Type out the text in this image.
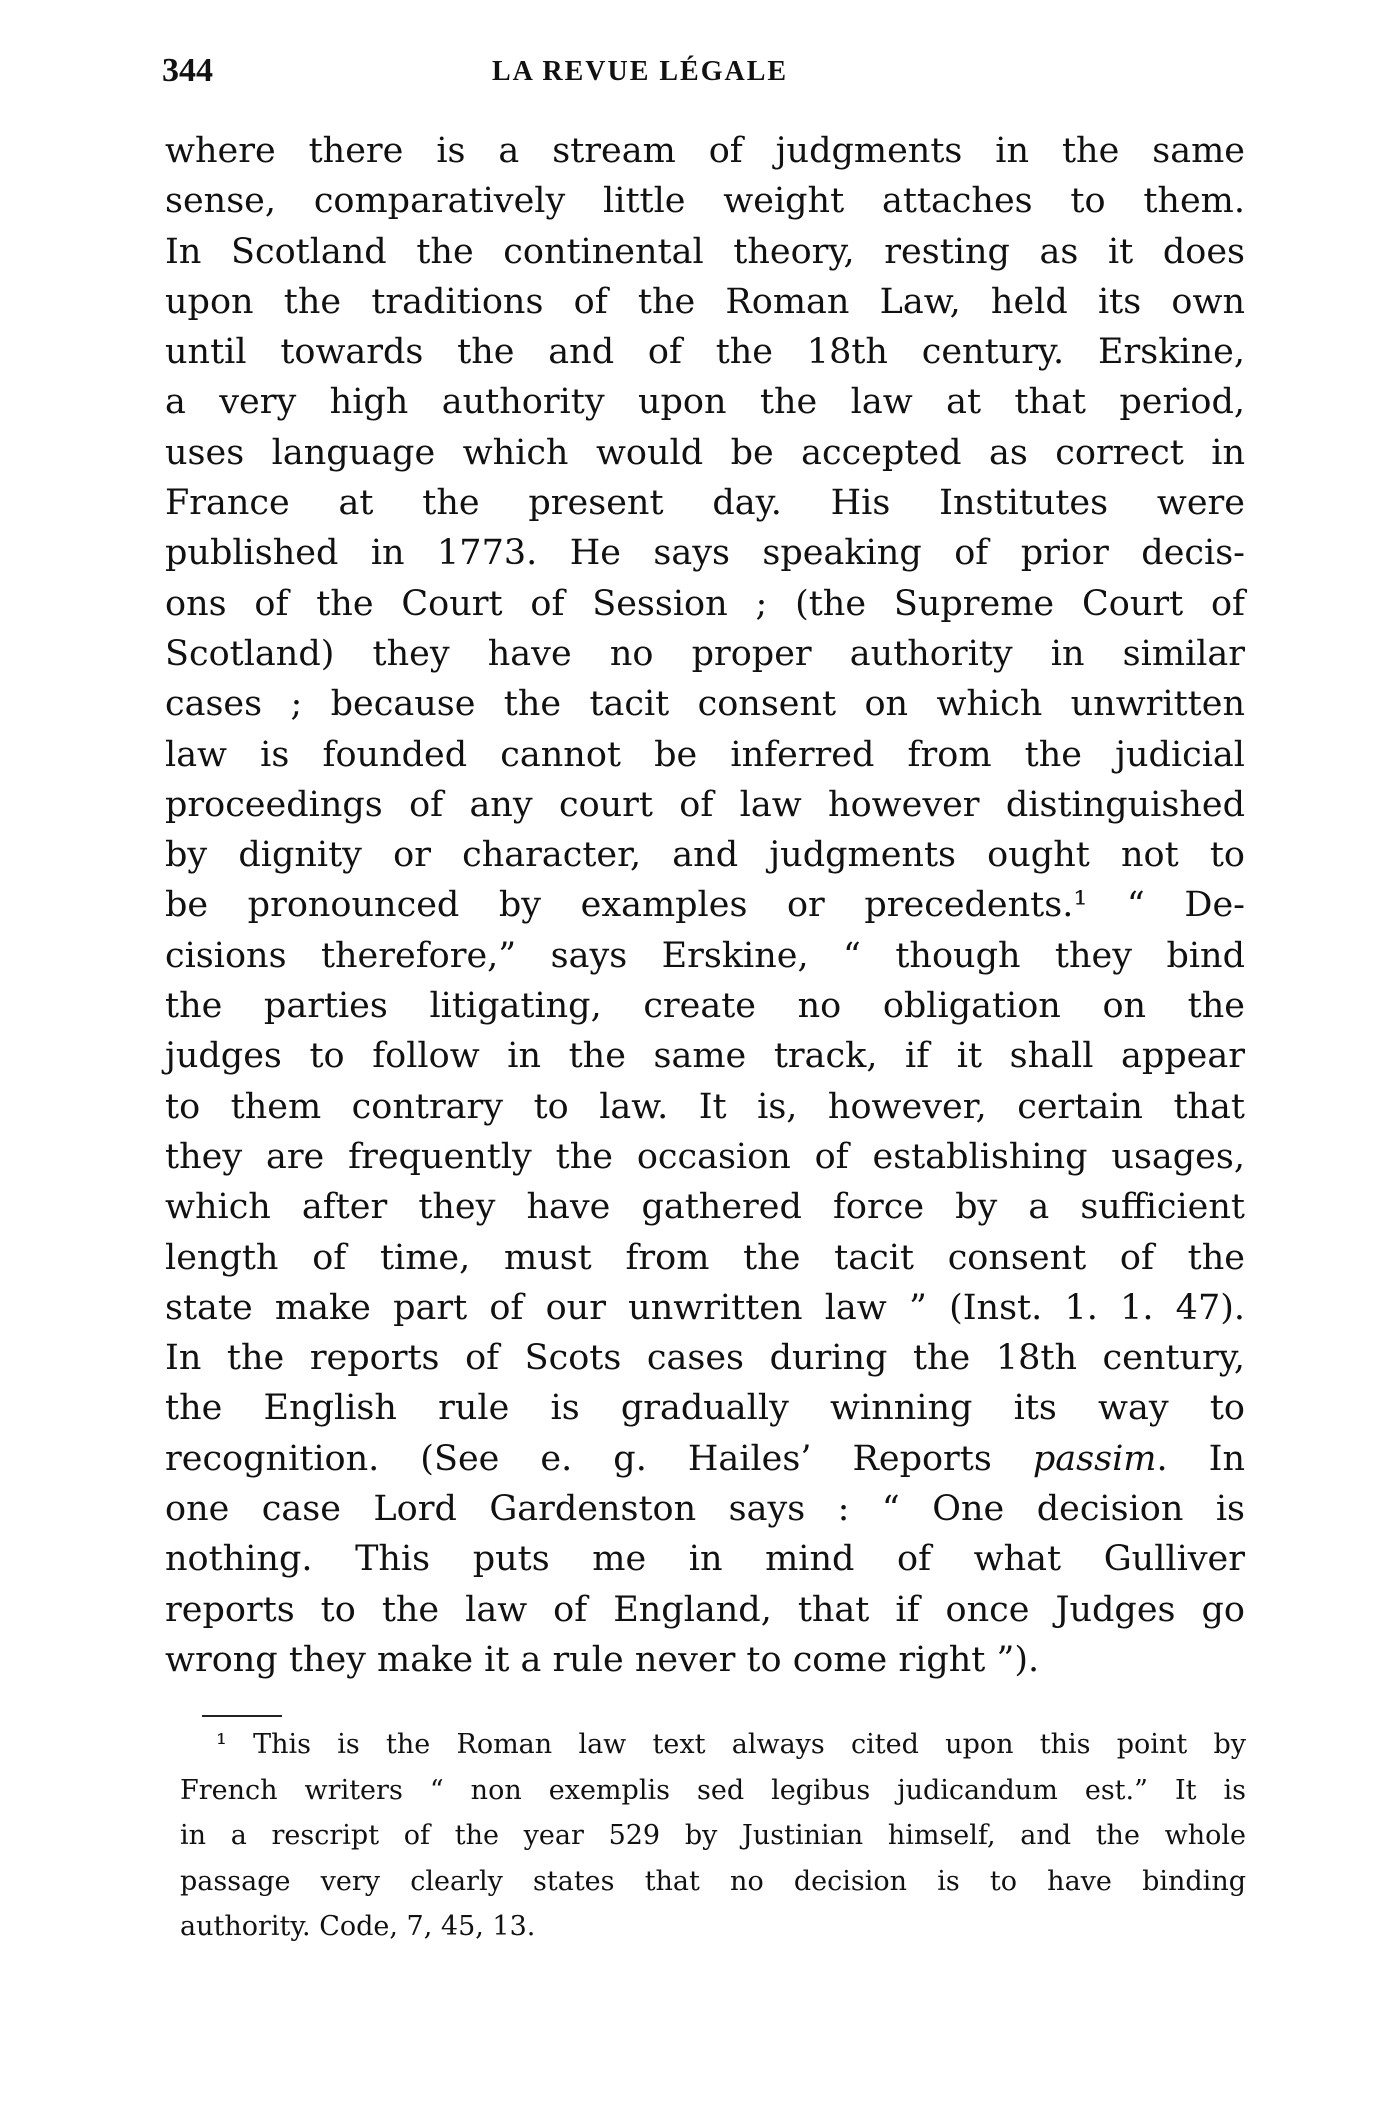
344	LA REVUE LÉGALE
where there is a stream of judgments in the same
sense, comparatively little weight attaches to them.
In Scotland the continental theory, resting as it does
upon the traditions of the Roman Law, held its own
until towards the and of the 18th century. Erskine,
a very high authority upon the law at that period,
uses language which would be accepted as correct in
France at the present day. His Institutes were
published in 1773. He says speaking of prior decis-
ons of the Court of Session ; (the Supreme Court of
Scotland) they have no proper authority in similar
cases ; because the tacit consent on which unwritten
law is founded cannot be inferred from the judicial
proceedings of any court of law however distinguished
by dignity or character, and judgments ought not to
be pronounced by examples or precedents.¹ “ De-
cisions therefore,” says Erskine, “ though they bind
the parties litigating, create no obligation on the
judges to follow in the same track, if it shall appear
to them contrary to law. It is, however, certain that
they are frequently the occasion of establishing usages,
which after they have gathered force by a sufficient
length of time, must from the tacit consent of the
state make part of our unwritten law ” (Inst. 1. 1. 47).
In the reports of Scots cases during the 18th century,
the English rule is gradually winning its way to
recognition. (See e. g. Hailes’ Reports passim. In
one case Lord Gardenston says : “ One decision is
nothing. This puts me in mind of what Gulliver
reports to the law of England, that if once Judges go
wrong they make it a rule never to come right ”).
¹ This is the Roman law text always cited upon this point by
French writers “ non exemplis sed legibus judicandum est.” It is
in a rescript of the year 529 by Justinian himself, and the whole
passage very clearly states that no decision is to have binding
authority. Code, 7, 45, 13.
